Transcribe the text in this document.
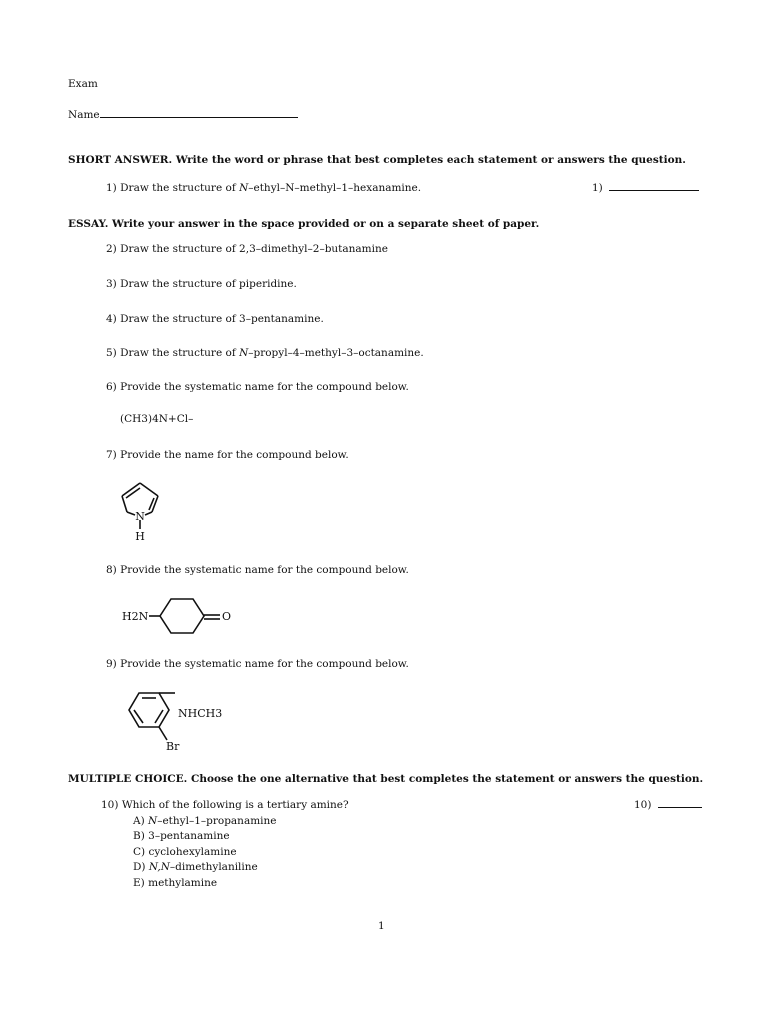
Exam
Name
SHORT ANSWER. Write the word or phrase that best completes each statement or answers the question.
1) Draw the structure of N–ethyl–N–methyl–1–hexanamine.	1)
ESSAY. Write your answer in the space provided or on a separate sheet of paper.
2) Draw the structure of 2,3–dimethyl–2–butanamine
3) Draw the structure of piperidine.
4) Draw the structure of 3–pentanamine.
5) Draw the structure of N–propyl–4–methyl–3–octanamine.
6) Provide the systematic name for the compound below.
(CH3)4N+Cl–
7) Provide the name for the compound below.
N
H
8) Provide the systematic name for the compound below.
H2N	O
9) Provide the systematic name for the compound below.
NHCH3
Br
MULTIPLE CHOICE. Choose the one alternative that best completes the statement or answers the question.
10) Which of the following is a tertiary amine?	10)
A) N–ethyl–1–propanamine
B) 3–pentanamine
C) cyclohexylamine
D) N,N–dimethylaniline
E) methylamine
1
